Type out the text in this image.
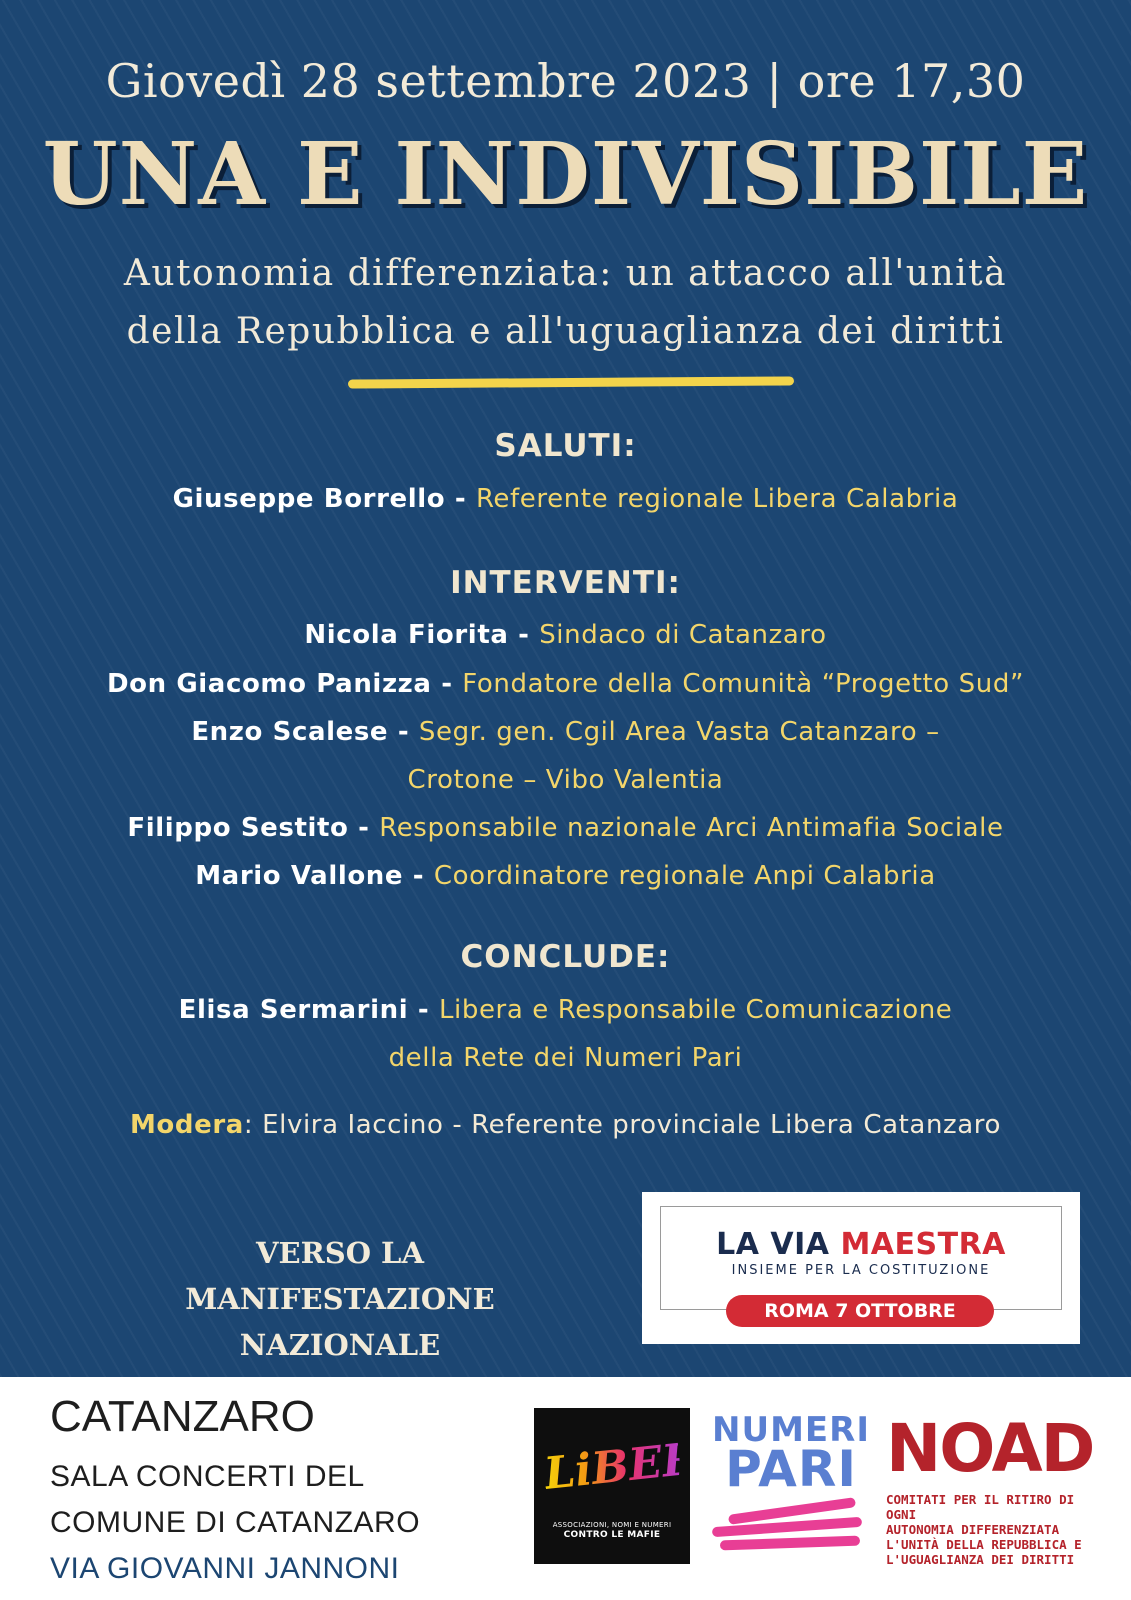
Giovedì 28 settembre 2023 | ore 17,30
UNA E INDIVISIBILE
Autonomia differenziata: un attacco all'unità
della Repubblica e all'uguaglianza dei diritti
SALUTI:
Giuseppe Borrello - Referente regionale Libera Calabria
INTERVENTI:
Nicola Fiorita - Sindaco di Catanzaro
Don Giacomo Panizza - Fondatore della Comunità “Progetto Sud”
Enzo Scalese - Segr. gen. Cgil Area Vasta Catanzaro –
Crotone – Vibo Valentia
Filippo Sestito - Responsabile nazionale Arci Antimafia Sociale
Mario Vallone - Coordinatore regionale Anpi Calabria
CONCLUDE:
Elisa Sermarini - Libera e Responsabile Comunicazione
della Rete dei Numeri Pari
Modera: Elvira Iaccino - Referente provinciale Libera Catanzaro
VERSO LA
MANIFESTAZIONE NAZIONALE
LA VIA MAESTRA
INSIEME PER LA COSTITUZIONE
ROMA 7 OTTOBRE
CATANZARO
SALA CONCERTI DEL
COMUNE DI CATANZARO
VIA GIOVANNI JANNONI
LiBERA
ASSOCIAZIONI, NOMI E NUMERI
CONTRO LE MAFIE
NUMERI
PARI NOAD
COMITATI PER IL RITIRO DI OGNI
AUTONOMIA DIFFERENZIATA
L'UNITÀ DELLA REPUBBLICA E
L'UGUAGLIANZA DEI DIRITTI
